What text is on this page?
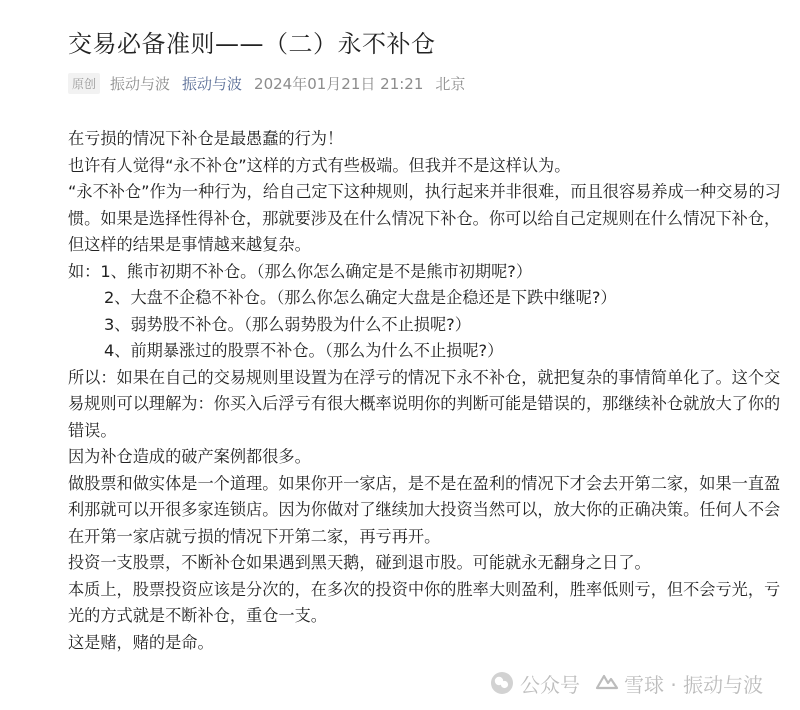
交易必备准则——（二）永不补仓
原创 振动与波 振动与波 2024年01月21日 21:21 北京

在亏损的情况下补仓是最愚蠢的行为！

也许有人觉得“永不补仓”这样的方式有些极端。但我并不是这样认为。

“永不补仓”作为一种行为，给自己定下这种规则，执行起来并非很难，而且很容易养成一种交易的习惯。如果是选择性得补仓，那就要涉及在什么情况下补仓。你可以给自己定规则在什么情况下补仓，但这样的结果是事情越来越复杂。

如：1、熊市初期不补仓。（那么你怎么确定是不是熊市初期呢?）

2、大盘不企稳不补仓。（那么你怎么确定大盘是企稳还是下跌中继呢?）

3、弱势股不补仓。（那么弱势股为什么不止损呢?）

4、前期暴涨过的股票不补仓。（那么为什么不止损呢?）

所以：如果在自己的交易规则里设置为在浮亏的情况下永不补仓，就把复杂的事情简单化了。这个交易规则可以理解为：你买入后浮亏有很大概率说明你的判断可能是错误的，那继续补仓就放大了你的错误。

因为补仓造成的破产案例都很多。

做股票和做实体是一个道理。如果你开一家店，是不是在盈利的情况下才会去开第二家，如果一直盈利那就可以开很多家连锁店。因为你做对了继续加大投资当然可以，放大你的正确决策。任何人不会在开第一家店就亏损的情况下开第二家，再亏再开。

投资一支股票，不断补仓如果遇到黑天鹅，碰到退市股。可能就永无翻身之日了。

本质上，股票投资应该是分次的，在多次的投资中你的胜率大则盈利，胜率低则亏，但不会亏光，亏光的方式就是不断补仓，重仓一支。

这是赌，赌的是命。

公众号 雪球 · 振动与波
